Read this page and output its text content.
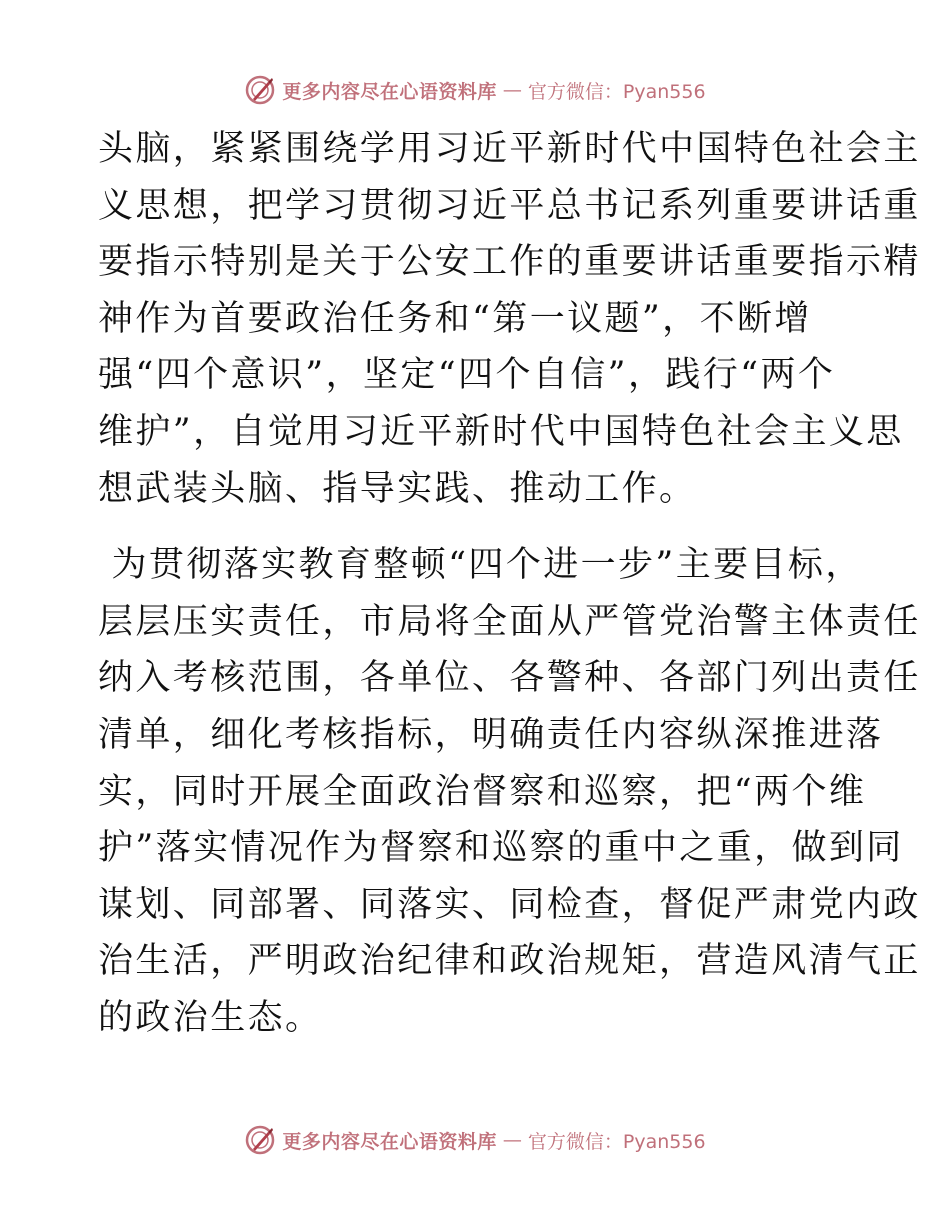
更多内容尽在心语资料库 — 官方微信：Pyan556

头脑，紧紧围绕学用习近平新时代中国特色社会主
义思想，把学习贯彻习近平总书记系列重要讲话重
要指示特别是关于公安工作的重要讲话重要指示精
神作为首要政治任务和“第一议题”，不断增
强“四个意识”，坚定“四个自信”，践行“两个
维护”，自觉用习近平新时代中国特色社会主义思
想武装头脑、指导实践、推动工作。

为贯彻落实教育整顿“四个进一步”主要目标，
层层压实责任，市局将全面从严管党治警主体责任
纳入考核范围，各单位、各警种、各部门列出责任
清单，细化考核指标，明确责任内容纵深推进落
实，同时开展全面政治督察和巡察，把“两个维
护”落实情况作为督察和巡察的重中之重，做到同
谋划、同部署、同落实、同检查，督促严肃党内政
治生活，严明政治纪律和政治规矩，营造风清气正
的政治生态。

更多内容尽在心语资料库 — 官方微信：Pyan556
